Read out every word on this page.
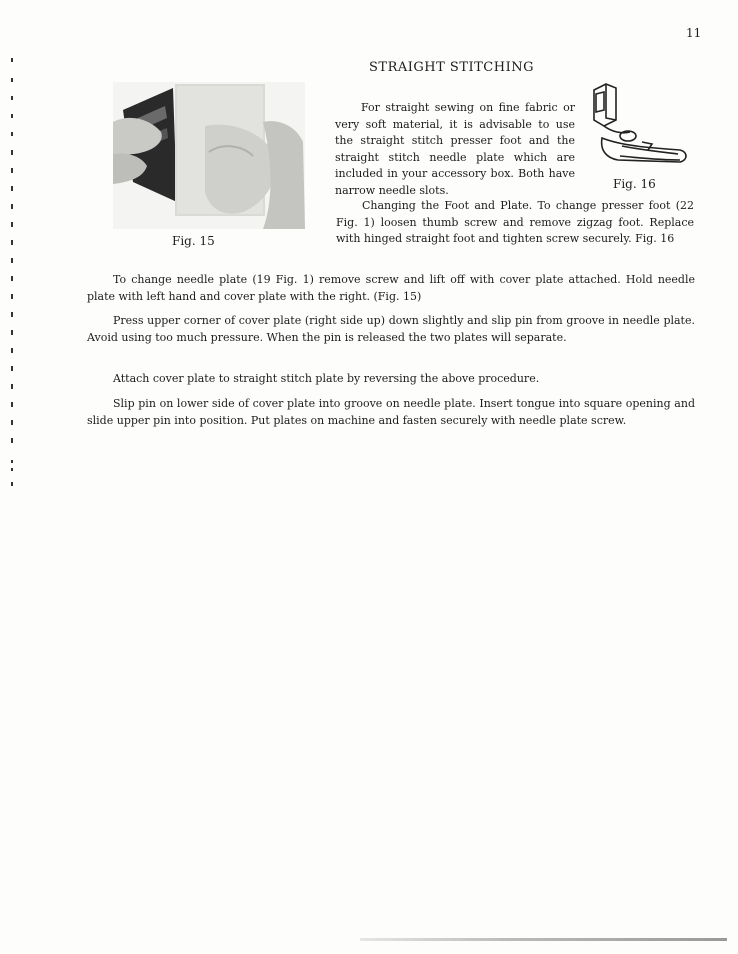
11
STRAIGHT STITCHING
Fig. 15
Fig. 16

For straight sewing on fine fabric or very soft material, it is advisable to use the straight stitch presser foot and the straight stitch needle plate which are included in your accessory box. Both have narrow needle slots.

Changing the Foot and Plate. To change presser foot (22 Fig. 1) loosen thumb screw and remove zigzag foot. Replace with hinged straight foot and tighten screw securely. Fig. 16

To change needle plate (19 Fig. 1) remove screw and lift off with cover plate attached. Hold needle plate with left hand and cover plate with the right. (Fig. 15)

Press upper corner of cover plate (right side up) down slightly and slip pin from groove in needle plate. Avoid using too much pressure. When the pin is released the two plates will separate.

Attach cover plate to straight stitch plate by reversing the above procedure.

Slip pin on lower side of cover plate into groove on needle plate. Insert tongue into square opening and slide upper pin into position. Put plates on machine and fasten securely with needle plate screw.
